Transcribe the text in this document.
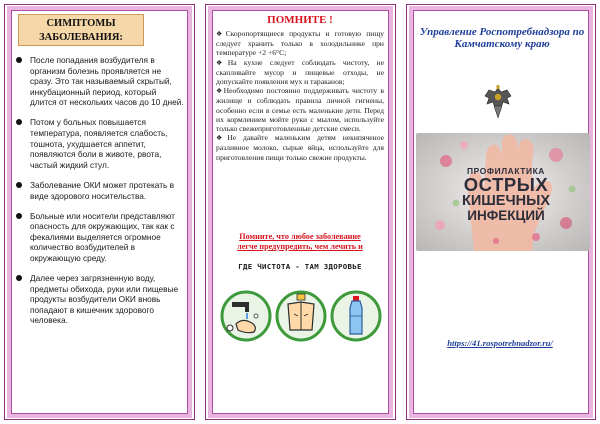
СИМПТОМЫ
ЗАБОЛЕВАНИЯ:
После попадания возбудителя в организм болезнь проявляется не сразу. Это так называемый скрытый, инкубационный период, который длится от нескольких часов до 10 дней.
Потом у больных повышается температура, появляется слабость, тошнота, ухудшается аппетит, появляются боли в животе, рвота, частый жидкий стул.
Заболевание ОКИ может протекать в виде здорового носительства.
Больные или носители представляют опасность для окружающих, так как с фекалиями выделяется огромное количество возбудителей в окружающую среду.
Далее через загрязненную воду, предметы обихода, руки или пищевые продукты возбудители ОКИ вновь попадают в кишечник здорового человека.
ПОМНИТЕ !

❖Скоропортящиеся продукты и готовую пищу следует хранить только в холодильнике при температуре +2 +6°С;

❖На кухне следует соблюдать чистоту, не скапливайте мусор и пищевые отходы, не допускайте появления мух и тараканов;

❖Необходимо постоянно поддерживать чистоту в жилище и соблюдать правила личной гигиены, особенно если в семье есть маленькие дети. Перед их кормлением мойте руки с мылом, используйте только свежеприготовленные детские смеси.

❖Не давайте маленьким детям некипяченое разливное молоко, сырые яйца, используйте для приготовления пищи только свежие продукты.

Помните, что любое заболевание
легче предупредить, чем лечить и
ГДЕ ЧИСТОТА - ТАМ ЗДОРОВЬЕ
Управление Роспотребнадзора по
Камчатскому краю
ПРОФИЛАКТИКА
ОСТРЫХ
КИШЕЧНЫХ
ИНФЕКЦИЙ
https://41.rospotrebnadzor.ru/
